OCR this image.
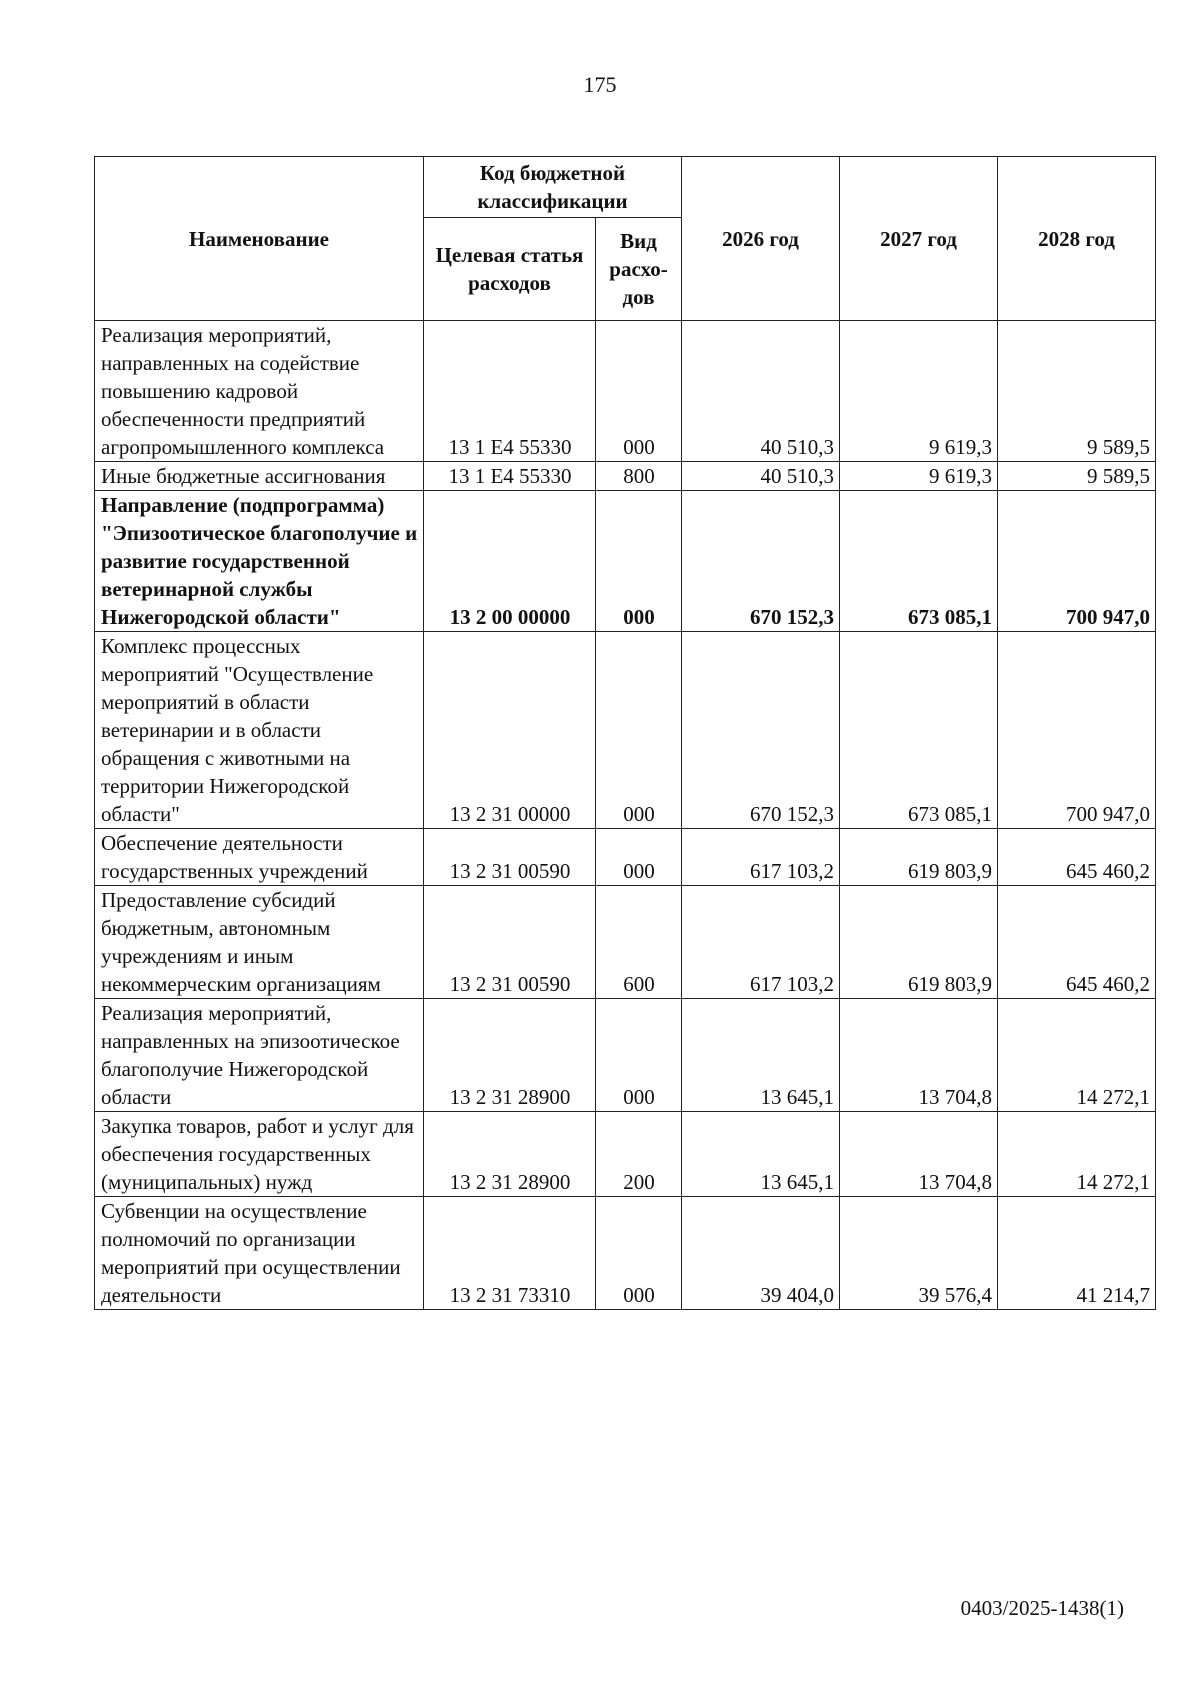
175
Наименование	Код бюджетной классификации		2026 год	2027 год	2028 год
	Целевая статья расходов	Вид расхо-дов			
Реализация мероприятий, направленных на содействие повышению кадровой обеспеченности предприятий агропромышленного комплекса	13 1 Е4 55330	000	40 510,3	9 619,3	9 589,5
Иные бюджетные ассигнования	13 1 Е4 55330	800	40 510,3	9 619,3	9 589,5
Направление (подпрограмма) "Эпизоотическое благополучие и развитие государственной ветеринарной службы Нижегородской области"	13 2 00 00000	000	670 152,3	673 085,1	700 947,0
Комплекс процессных мероприятий "Осуществление мероприятий в области ветеринарии и в области обращения с животными на территории Нижегородской области"	13 2 31 00000	000	670 152,3	673 085,1	700 947,0
Обеспечение деятельности государственных учреждений	13 2 31 00590	000	617 103,2	619 803,9	645 460,2
Предоставление субсидий бюджетным, автономным учреждениям и иным некоммерческим организациям	13 2 31 00590	600	617 103,2	619 803,9	645 460,2
Реализация мероприятий, направленных на эпизоотическое благополучие Нижегородской области	13 2 31 28900	000	13 645,1	13 704,8	14 272,1
Закупка товаров, работ и услуг для обеспечения государственных (муниципальных) нужд	13 2 31 28900	200	13 645,1	13 704,8	14 272,1
Субвенции на осуществление полномочий по организации мероприятий при осуществлении деятельности	13 2 31 73310	000	39 404,0	39 576,4	41 214,7
0403/2025-1438(1)
